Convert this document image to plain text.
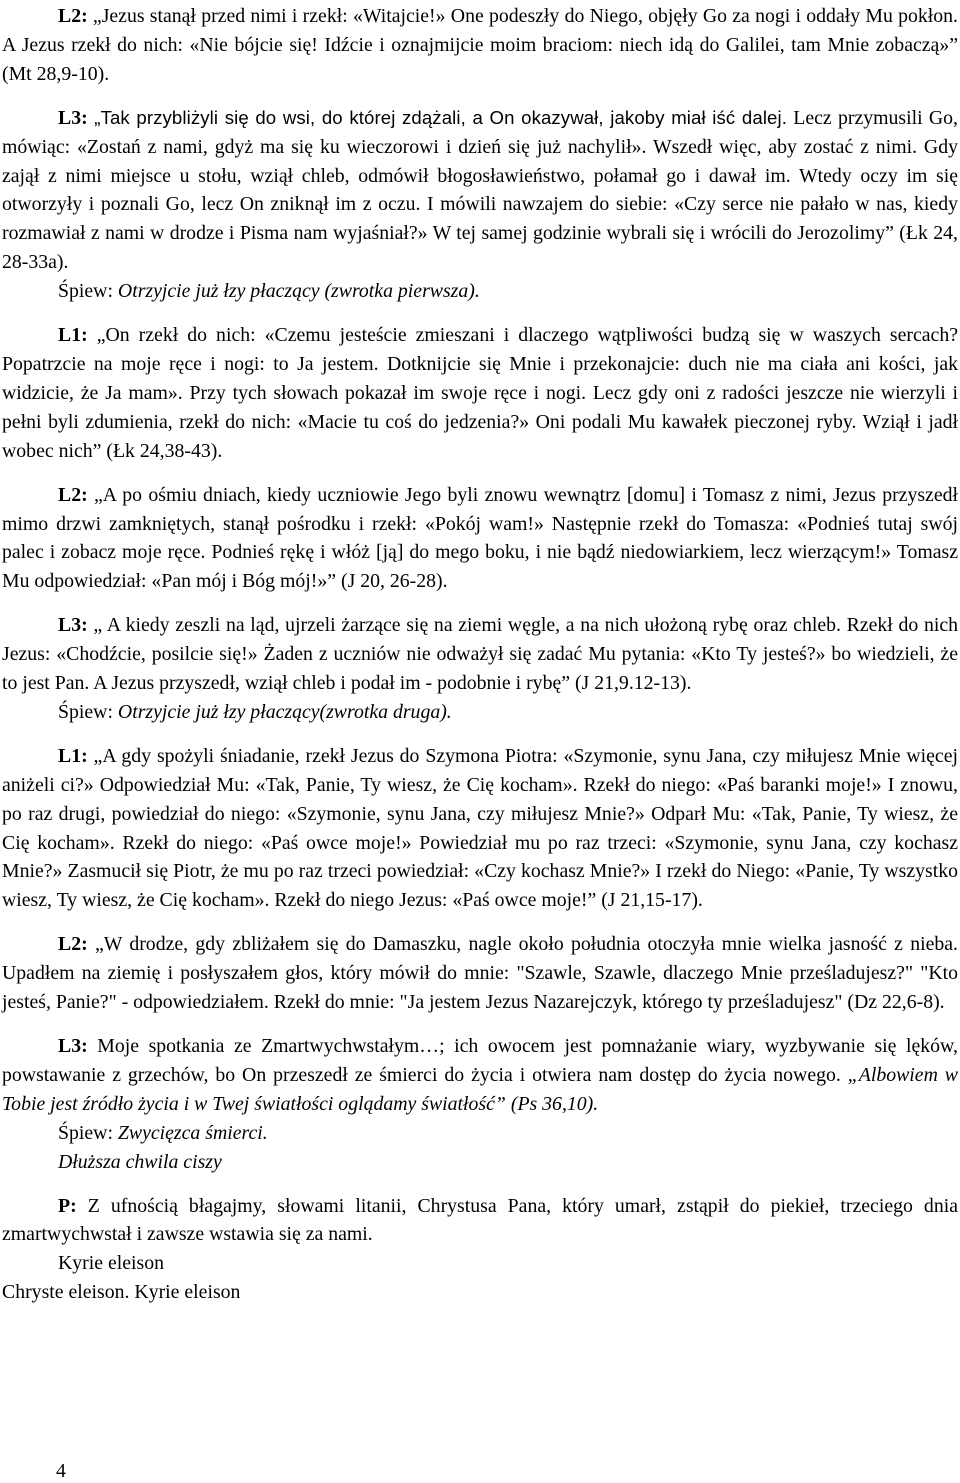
L2: „Jezus stanął przed nimi i rzekł: «Witajcie!» One podeszły do Niego, objęły Go za nogi i oddały Mu pokłon. A Jezus rzekł do nich: «Nie bójcie się! Idźcie i oznajmijcie moim braciom: niech idą do Galilei, tam Mnie zobaczą»” (Mt 28,9-10).

L3: „Tak przybliżyli się do wsi, do której zdążali, a On okazywał, jakoby miał iść dalej. Lecz przymusili Go, mówiąc: «Zostań z nami, gdyż ma się ku wieczorowi i dzień się już nachylił». Wszedł więc, aby zostać z nimi. Gdy zajął z nimi miejsce u stołu, wziął chleb, odmówił błogosławieństwo, połamał go i dawał im. Wtedy oczy im się otworzyły i poznali Go, lecz On zniknął im z oczu. I mówili nawzajem do siebie: «Czy serce nie pałało w nas, kiedy rozmawiał z nami w drodze i Pisma nam wyjaśniał?» W tej samej godzinie wybrali się i wrócili do Jerozolimy” (Łk 24, 28-33a).

Śpiew: Otrzyjcie już łzy płaczący (zwrotka pierwsza).

L1: „On rzekł do nich: «Czemu jesteście zmieszani i dlaczego wątpliwości budzą się w waszych sercach? Popatrzcie na moje ręce i nogi: to Ja jestem. Dotknijcie się Mnie i przekonajcie: duch nie ma ciała ani kości, jak widzicie, że Ja mam». Przy tych słowach pokazał im swoje ręce i nogi. Lecz gdy oni z radości jeszcze nie wierzyli i pełni byli zdumienia, rzekł do nich: «Macie tu coś do jedzenia?» Oni podali Mu kawałek pieczonej ryby. Wziął i jadł wobec nich” (Łk 24,38-43).

L2: „A po ośmiu dniach, kiedy uczniowie Jego byli znowu wewnątrz [domu] i Tomasz z nimi, Jezus przyszedł mimo drzwi zamkniętych, stanął pośrodku i rzekł: «Pokój wam!» Następnie rzekł do Tomasza: «Podnieś tutaj swój palec i zobacz moje ręce. Podnieś rękę i włóż [ją] do mego boku, i nie bądź niedowiarkiem, lecz wierzącym!» Tomasz Mu odpowiedział: «Pan mój i Bóg mój!»” (J 20, 26-28).

L3: „ A kiedy zeszli na ląd, ujrzeli żarzące się na ziemi węgle, a na nich ułożoną rybę oraz chleb. Rzekł do nich Jezus: «Chodźcie, posilcie się!» Żaden z uczniów nie odważył się zadać Mu pytania: «Kto Ty jesteś?» bo wiedzieli, że to jest Pan. A Jezus przyszedł, wziął chleb i podał im - podobnie i rybę” (J 21,9.12-13).

Śpiew: Otrzyjcie już łzy płaczący(zwrotka druga).

L1: „A gdy spożyli śniadanie, rzekł Jezus do Szymona Piotra: «Szymonie, synu Jana, czy miłujesz Mnie więcej aniżeli ci?» Odpowiedział Mu: «Tak, Panie, Ty wiesz, że Cię kocham». Rzekł do niego: «Paś baranki moje!» I znowu, po raz drugi, powiedział do niego: «Szymonie, synu Jana, czy miłujesz Mnie?» Odparł Mu: «Tak, Panie, Ty wiesz, że Cię kocham». Rzekł do niego: «Paś owce moje!» Powiedział mu po raz trzeci: «Szymonie, synu Jana, czy kochasz Mnie?» Zasmucił się Piotr, że mu po raz trzeci powiedział: «Czy kochasz Mnie?» I rzekł do Niego: «Panie, Ty wszystko wiesz, Ty wiesz, że Cię kocham». Rzekł do niego Jezus: «Paś owce moje!” (J 21,15-17).

L2: „W drodze, gdy zbliżałem się do Damaszku, nagle około południa otoczyła mnie wielka jasność z nieba. Upadłem na ziemię i posłyszałem głos, który mówił do mnie: "Szawle, Szawle, dlaczego Mnie prześladujesz?" "Kto jesteś, Panie?" - odpowiedziałem. Rzekł do mnie: "Ja jestem Jezus Nazarejczyk, którego ty prześladujesz" (Dz 22,6-8).

L3: Moje spotkania ze Zmartwychwstałym…; ich owocem jest pomnażanie wiary, wyzbywanie się lęków, powstawanie z grzechów, bo On przeszedł ze śmierci do życia i otwiera nam dostęp do życia nowego. „Albowiem w Tobie jest źródło życia i w Twej światłości oglądamy światłość” (Ps 36,10).

Śpiew: Zwycięzca śmierci.

Dłuższa chwila ciszy

P: Z ufnością błagajmy, słowami litanii, Chrystusa Pana, który umarł, zstąpił do piekieł, trzeciego dnia zmartwychwstał i zawsze wstawia się za nami.

Kyrie eleison

Chryste eleison. Kyrie eleison

4
